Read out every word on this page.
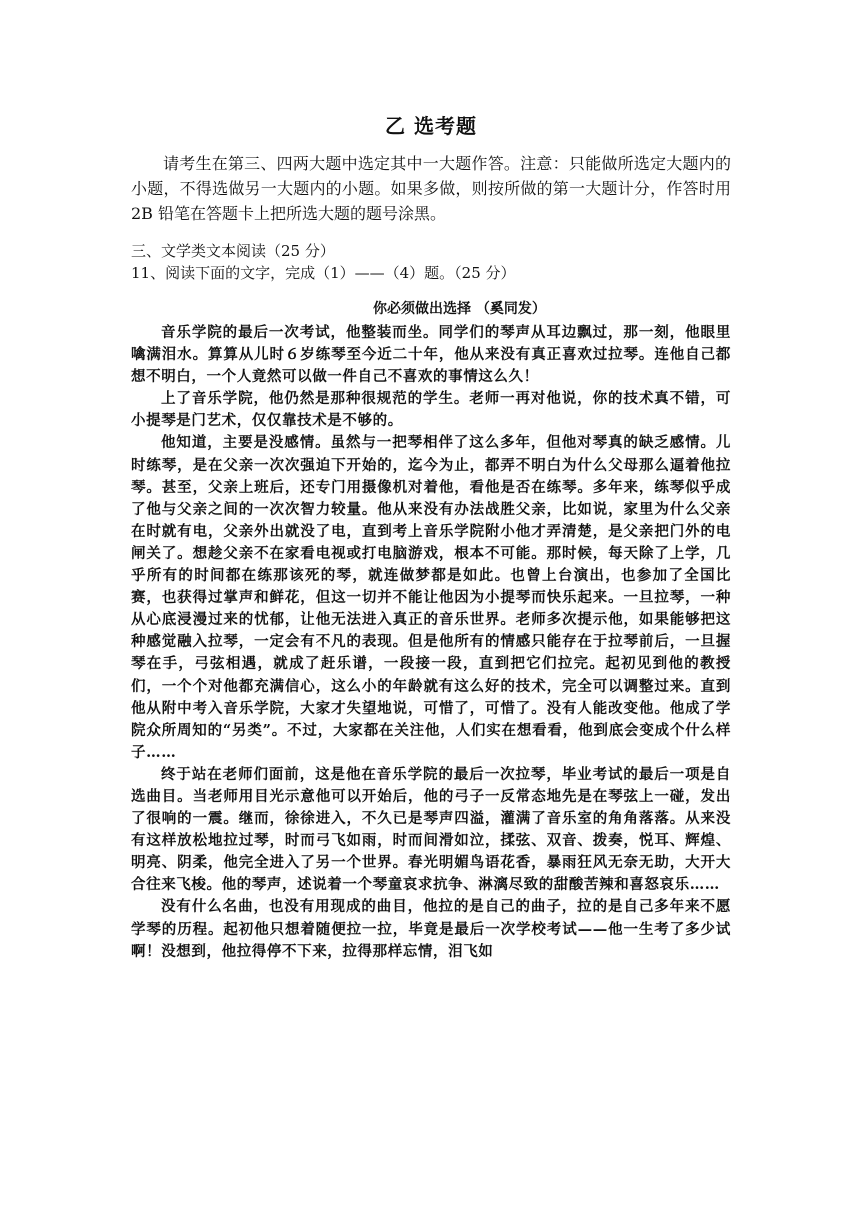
乙 选考题

请考生在第三、四两大题中选定其中一大题作答。注意：只能做所选定大题内的小题，不得选做另一大题内的小题。如果多做，则按所做的第一大题计分，作答时用 2B 铅笔在答题卡上把所选大题的题号涂黑。

三、文学类文本阅读（25 分）

11、阅读下面的文字，完成（1）——（4）题。（25 分）

你必须做出选择 （奚同发）

音乐学院的最后一次考试，他整装而坐。同学们的琴声从耳边飘过，那一刻，他眼里噙满泪水。算算从儿时６岁练琴至今近二十年，他从来没有真正喜欢过拉琴。连他自己都想不明白，一个人竟然可以做一件自己不喜欢的事情这么久！

上了音乐学院，他仍然是那种很规范的学生。老师一再对他说，你的技术真不错，可小提琴是门艺术，仅仅靠技术是不够的。

他知道，主要是没感情。虽然与一把琴相伴了这么多年，但他对琴真的缺乏感情。儿时练琴，是在父亲一次次强迫下开始的，迄今为止，都弄不明白为什么父母那么逼着他拉琴。甚至，父亲上班后，还专门用摄像机对着他，看他是否在练琴。多年来，练琴似乎成了他与父亲之间的一次次智力较量。他从来没有办法战胜父亲，比如说，家里为什么父亲在时就有电，父亲外出就没了电，直到考上音乐学院附小他才弄清楚，是父亲把门外的电闸关了。想趁父亲不在家看电视或打电脑游戏，根本不可能。那时候，每天除了上学，几乎所有的时间都在练那该死的琴，就连做梦都是如此。也曾上台演出，也参加了全国比赛，也获得过掌声和鲜花，但这一切并不能让他因为小提琴而快乐起来。一旦拉琴，一种从心底浸漫过来的忧郁，让他无法进入真正的音乐世界。老师多次提示他，如果能够把这种感觉融入拉琴，一定会有不凡的表现。但是他所有的情感只能存在于拉琴前后，一旦握琴在手，弓弦相遇，就成了赶乐谱，一段接一段，直到把它们拉完。起初见到他的教授们，一个个对他都充满信心，这么小的年龄就有这么好的技术，完全可以调整过来。直到他从附中考入音乐学院，大家才失望地说，可惜了，可惜了。没有人能改变他。他成了学院众所周知的“另类”。不过，大家都在关注他，人们实在想看看，他到底会变成个什么样子……

终于站在老师们面前，这是他在音乐学院的最后一次拉琴，毕业考试的最后一项是自选曲目。当老师用目光示意他可以开始后，他的弓子一反常态地先是在琴弦上一碰，发出了很响的一震。继而，徐徐进入，不久已是琴声四溢，灌满了音乐室的角角落落。从来没有这样放松地拉过琴，时而弓飞如雨，时而间滑如泣，揉弦、双音、拨奏，悦耳、辉煌、明亮、阴柔，他完全进入了另一个世界。春光明媚鸟语花香，暴雨狂风无奈无助，大开大合往来飞梭。他的琴声，述说着一个琴童哀求抗争、淋漓尽致的甜酸苦辣和喜怒哀乐……

没有什么名曲，也没有用现成的曲目，他拉的是自己的曲子，拉的是自己多年来不愿学琴的历程。起初他只想着随便拉一拉，毕竟是最后一次学校考试——他一生考了多少试啊！没想到，他拉得停不下来，拉得那样忘情，泪飞如
